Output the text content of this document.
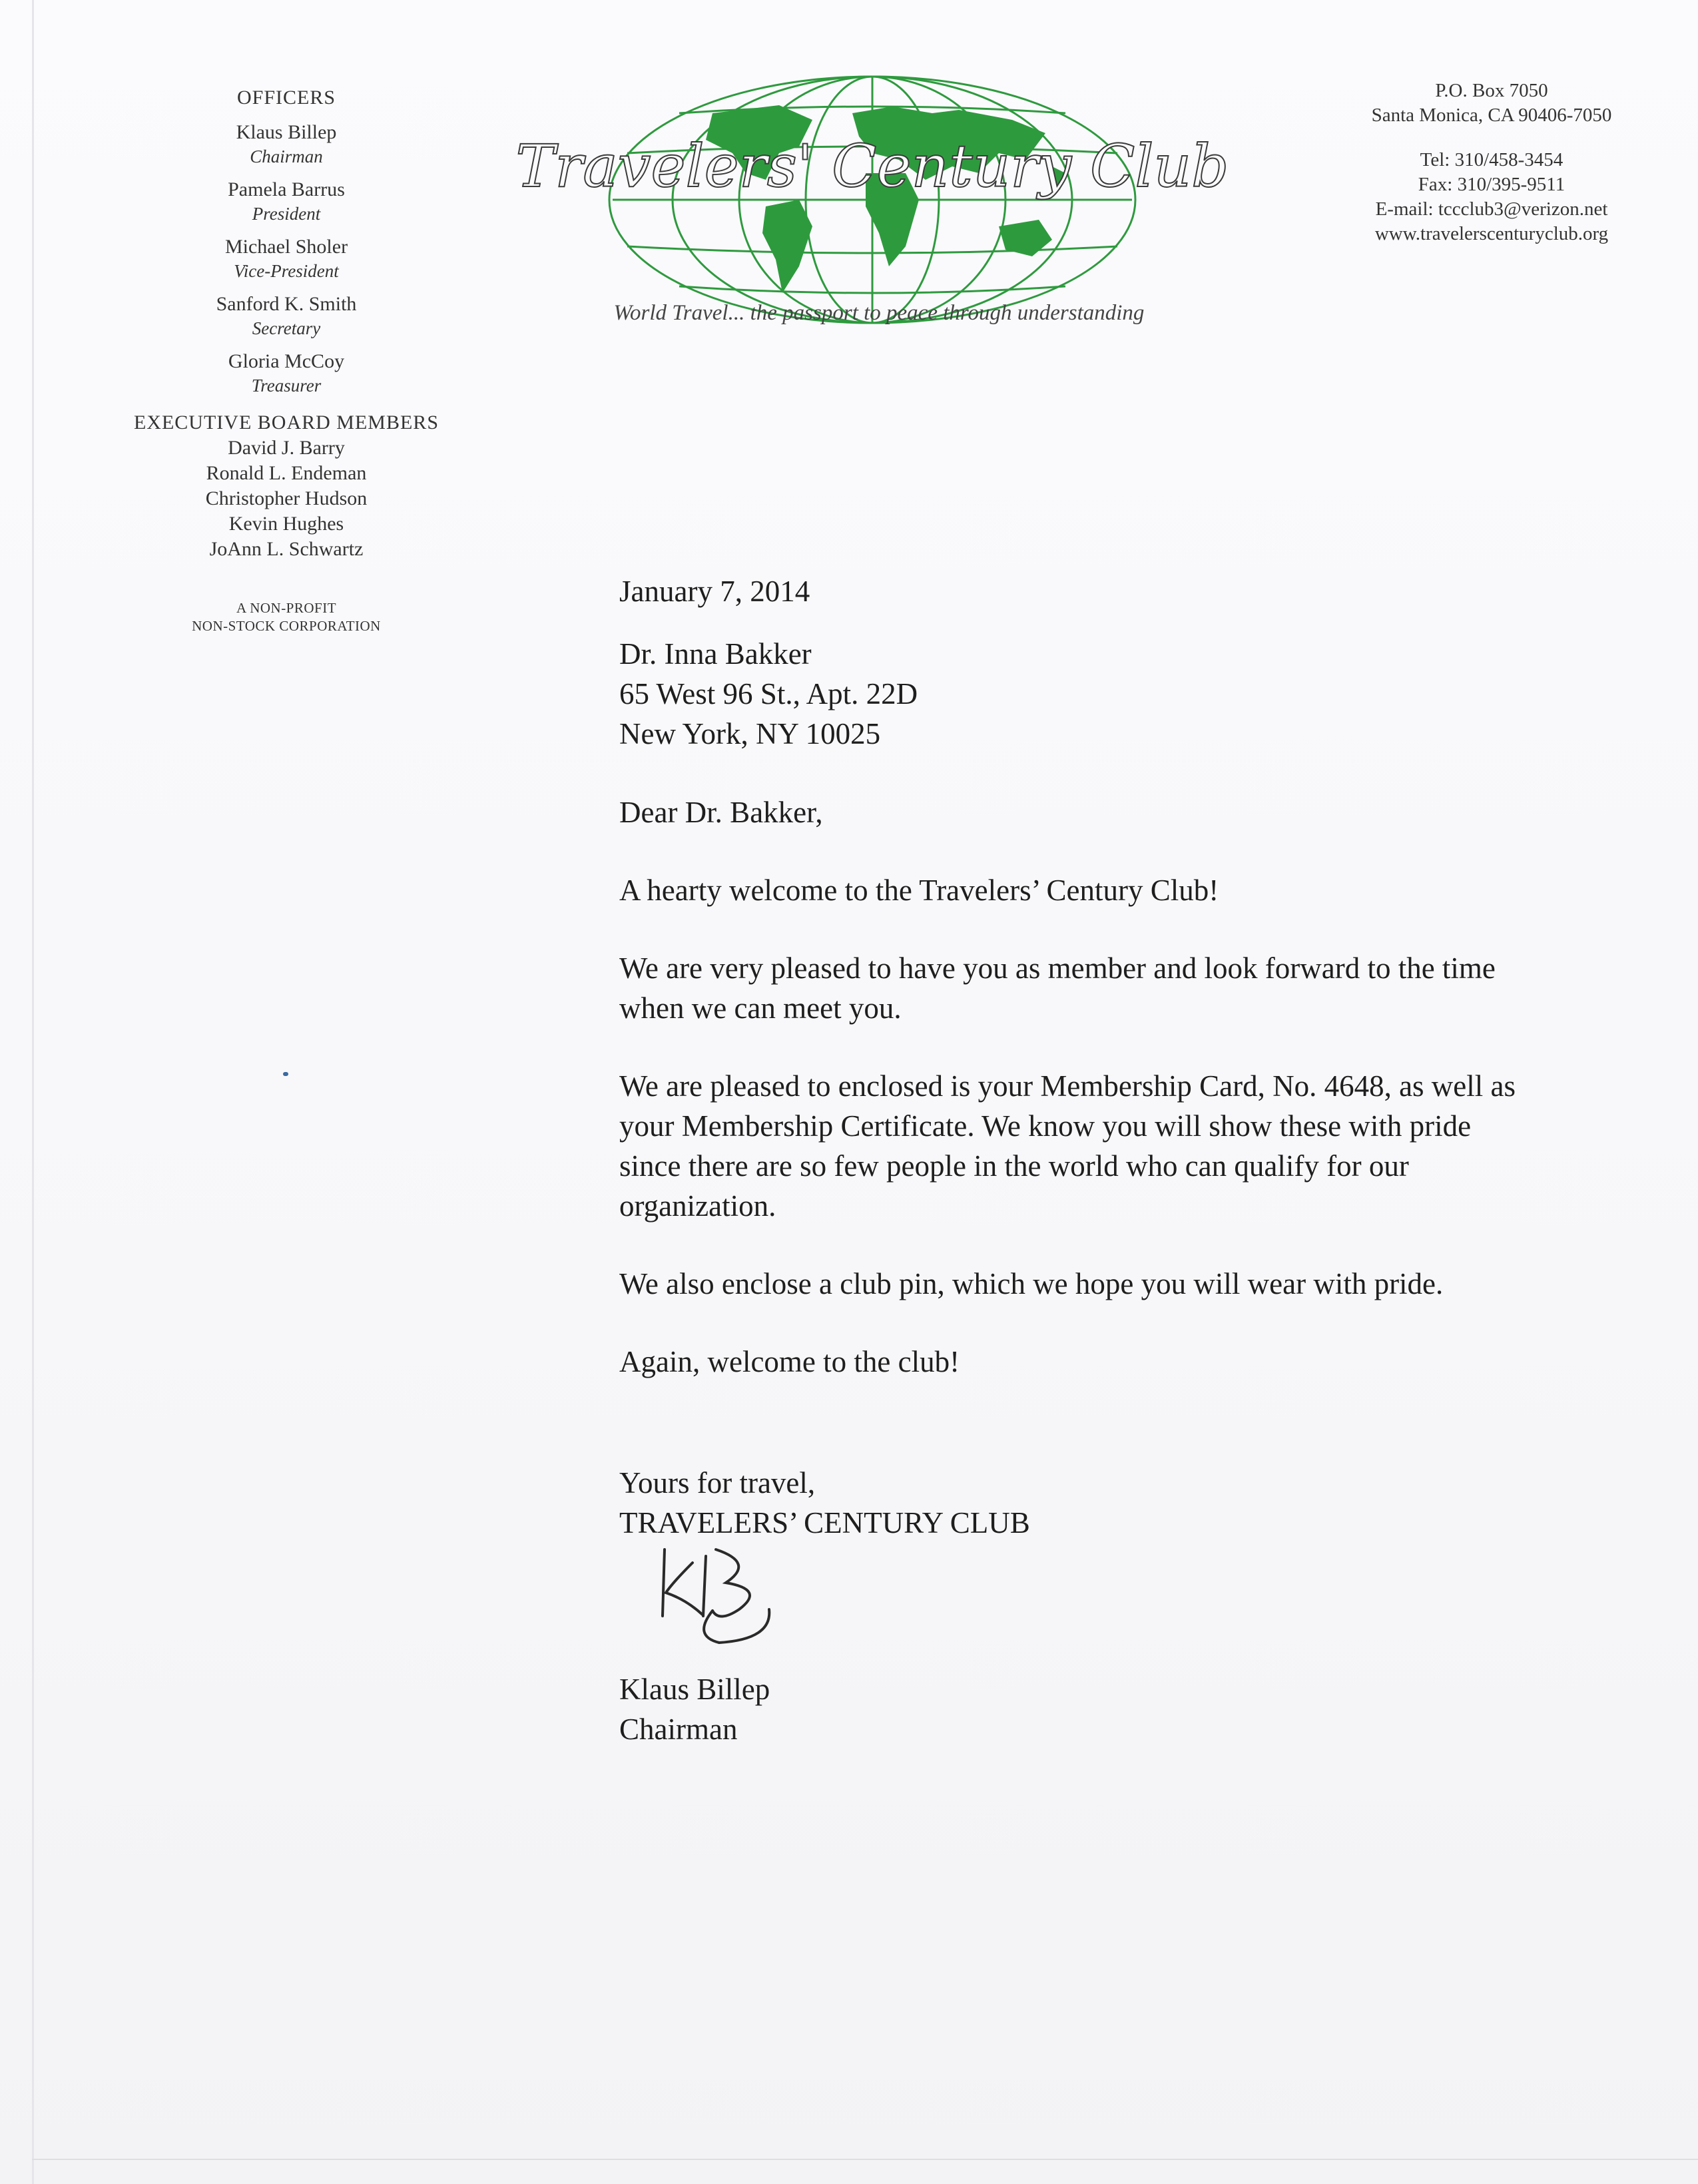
OFFICERS
Klaus Billep
Chairman
Pamela Barrus
President
Michael Sholer
Vice-President
Sanford K. Smith
Secretary
Gloria McCoy
Treasurer
EXECUTIVE BOARD MEMBERS
David J. Barry
Ronald L. Endeman
Christopher Hudson
Kevin Hughes
JoAnn L. Schwartz
A NON-PROFIT
NON-STOCK CORPORATION
Travelers' Century Club
World Travel... the passport to peace through understanding
P.O. Box 7050
Santa Monica, CA 90406-7050
Tel: 310/458-3454
Fax: 310/395-9511
E-mail: tccclub3@verizon.net
www.travelerscenturyclub.org

January 7, 2014

Dr. Inna Bakker
65 West 96 St., Apt. 22D
New York, NY 10025

Dear Dr. Bakker,

A hearty welcome to the Travelers’ Century Club!

We are very pleased to have you as member and look forward to the time when we can meet you.

We are pleased to enclosed is your Membership Card, No. 4648, as well as your Membership Certificate. We know you will show these with pride since there are so few people in the world who can qualify for our organization.

We also enclose a club pin, which we hope you will wear with pride.

Again, welcome to the club!

Yours for travel,

TRAVELERS’ CENTURY CLUB

Klaus Billep
Chairman
